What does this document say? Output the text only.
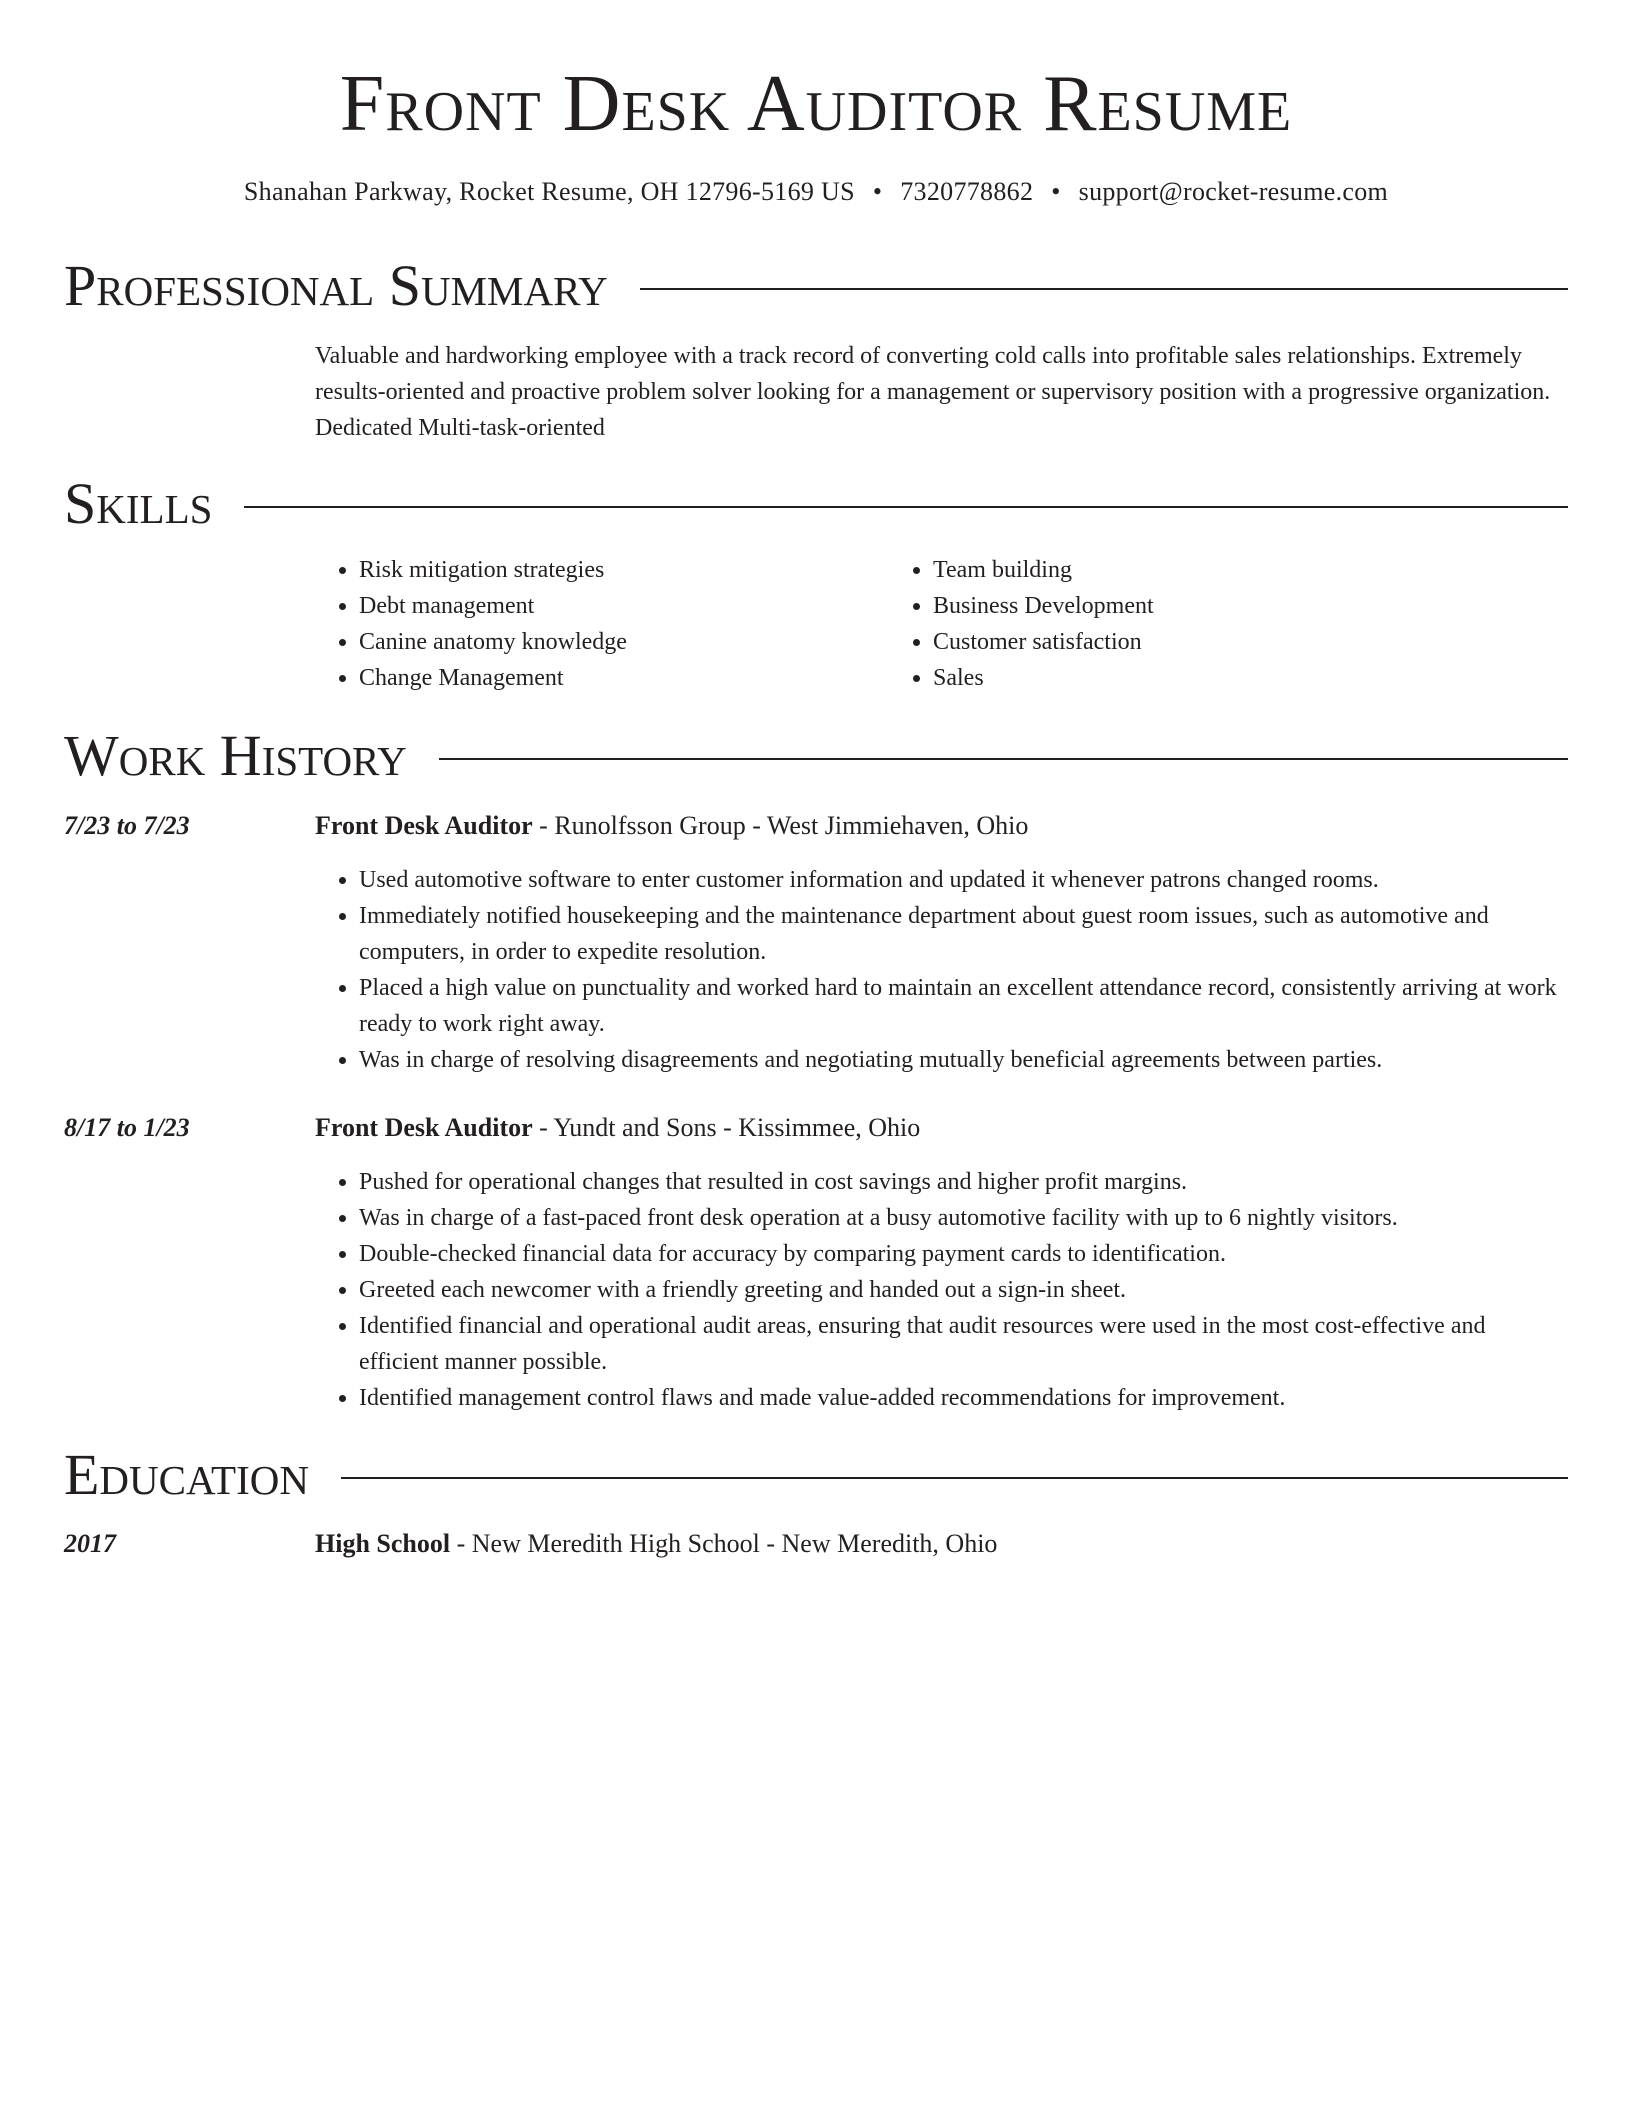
Front Desk Auditor Resume
Shanahan Parkway, Rocket Resume, OH 12796-5169 US • 7320778862 • support@rocket-resume.com
Professional Summary

Valuable and hardworking employee with a track record of converting cold calls into profitable sales relationships. Extremely results-oriented and proactive problem solver looking for a management or supervisory position with a progressive organization. Dedicated Multi-task-oriented

Skills
• Risk mitigation strategies
• Debt management
• Canine anatomy knowledge
• Change Management
• Team building
• Business Development
• Customer satisfaction
• Sales
Work History
7/23 to 7/23	Front Desk Auditor - Runolfsson Group - West Jimmiehaven, Ohio
• Used automotive software to enter customer information and updated it whenever patrons changed rooms.
• Immediately notified housekeeping and the maintenance department about guest room issues, such as automotive and computers, in order to expedite resolution.
• Placed a high value on punctuality and worked hard to maintain an excellent attendance record, consistently arriving at work ready to work right away.
• Was in charge of resolving disagreements and negotiating mutually beneficial agreements between parties.
8/17 to 1/23	Front Desk Auditor - Yundt and Sons - Kissimmee, Ohio
• Pushed for operational changes that resulted in cost savings and higher profit margins.
• Was in charge of a fast-paced front desk operation at a busy automotive facility with up to 6 nightly visitors.
• Double-checked financial data for accuracy by comparing payment cards to identification.
• Greeted each newcomer with a friendly greeting and handed out a sign-in sheet.
• Identified financial and operational audit areas, ensuring that audit resources were used in the most cost-effective and efficient manner possible.
• Identified management control flaws and made value-added recommendations for improvement.
Education
2017	High School - New Meredith High School - New Meredith, Ohio
